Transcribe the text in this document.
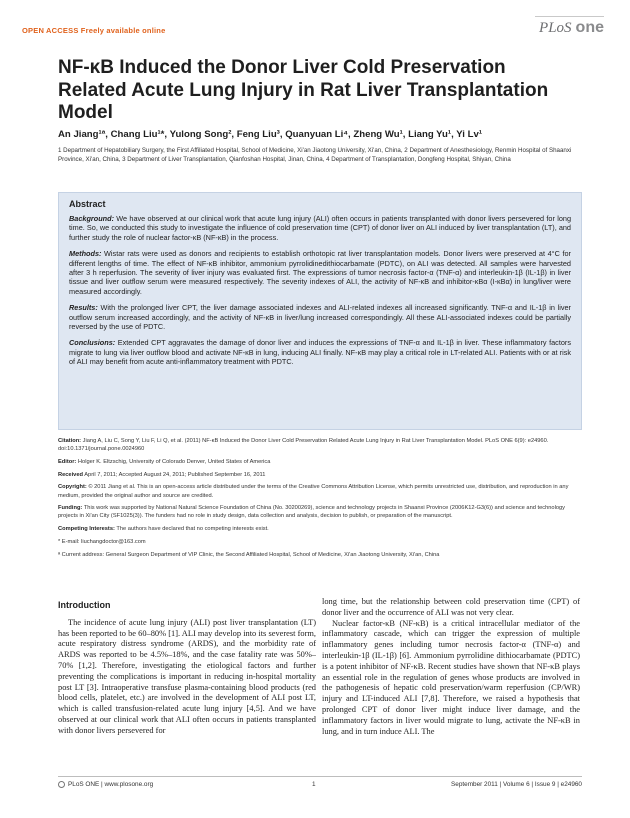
OPEN ACCESS Freely available online	PLoS one
NF-κB Induced the Donor Liver Cold Preservation Related Acute Lung Injury in Rat Liver Transplantation Model
An Jiang¹ª, Chang Liu¹*, Yulong Song², Feng Liu³, Quanyuan Li⁴, Zheng Wu¹, Liang Yu¹, Yi Lv¹
1 Department of Hepatobiliary Surgery, the First Affiliated Hospital, School of Medicine, Xi'an Jiaotong University, Xi'an, China, 2 Department of Anesthesiology, Renmin Hospital of Shaanxi Province, Xi'an, China, 3 Department of Liver Transplantation, Qianfoshan Hospital, Jinan, China, 4 Department of Transplantation, Dongfeng Hospital, Shiyan, China
Abstract

Background: We have observed at our clinical work that acute lung injury (ALI) often occurs in patients transplanted with donor livers persevered for long time. So, we conducted this study to investigate the influence of cold preservation time (CPT) of donor liver on ALI induced by liver transplantation (LT), and further study the role of nuclear factor-κB (NF-κB) in the process.

Methods: Wistar rats were used as donors and recipients to establish orthotopic rat liver transplantation models. Donor livers were preserved at 4°C for different lengths of time. The effect of NF-κB inhibitor, ammonium pyrrolidinedithiocarbamate (PDTC), on ALI was detected. All samples were harvested after 3 h reperfusion. The severity of liver injury was evaluated first. The expressions of tumor necrosis factor-α (TNF-α) and interleukin-1β (IL-1β) in liver tissue and liver outflow serum were measured respectively. The severity indexes of ALI, the activity of NF-κB and inhibitor-κBα (I-κBα) in lung/liver were measured accordingly.

Results: With the prolonged liver CPT, the liver damage associated indexes and ALI-related indexes all increased significantly. TNF-α and IL-1β in liver outflow serum increased accordingly, and the activity of NF-κB in liver/lung increased correspondingly. All these ALI-associated indexes could be partially reversed by the use of PDTC.

Conclusions: Extended CPT aggravates the damage of donor liver and induces the expressions of TNF-α and IL-1β in liver. These inflammatory factors migrate to lung via liver outflow blood and activate NF-κB in lung, inducing ALI finally. NF-κB may play a critical role in LT-related ALI. Patients with or at risk of ALI may benefit from acute anti-inflammatory treatment with PDTC.

Citation: Jiang A, Liu C, Song Y, Liu F, Li Q, et al. (2011) NF-κB Induced the Donor Liver Cold Preservation Related Acute Lung Injury in Rat Liver Transplantation Model. PLoS ONE 6(9): e24960. doi:10.1371/journal.pone.0024960

Editor: Holger K. Eltzschig, University of Colorado Denver, United States of America

Received April 7, 2011; Accepted August 24, 2011; Published September 16, 2011

Copyright: © 2011 Jiang et al. This is an open-access article distributed under the terms of the Creative Commons Attribution License, which permits unrestricted use, distribution, and reproduction in any medium, provided the original author and source are credited.

Funding: This work was supported by National Natural Science Foundation of China (No. 30200269), science and technology projects in Shaanxi Province (2006K12-G3(6)) and science and technology projects in Xi'an City (SF1025(3)). The funders had no role in study design, data collection and analysis, decision to publish, or preparation of the manuscript.

Competing Interests: The authors have declared that no competing interests exist.

* E-mail: liuchangdoctor@163.com

ª Current address: General Surgeon Department of VIP Clinic, the Second Affiliated Hospital, School of Medicine, Xi'an Jiaotong University, Xi'an, China

Introduction

The incidence of acute lung injury (ALI) post liver transplantation (LT) has been reported to be 60–80% [1]. ALI may develop into its severest form, acute respiratory distress syndrome (ARDS), and the morbidity rate of ARDS was reported to be 4.5%–18%, and the case fatality rate was 50%–70% [1,2]. Therefore, investigating the etiological factors and further preventing the complications is important in reducing in-hospital mortality post LT [3]. Intraoperative transfuse plasma-containing blood products (red blood cells, platelet, etc.) are involved in the development of ALI post LT, which is called transfusion-related acute lung injury [4,5]. And we have observed at our clinical work that ALI often occurs in patients transplanted with donor livers persevered for

long time, but the relationship between cold preservation time (CPT) of donor liver and the occurrence of ALI was not very clear.

Nuclear factor-κB (NF-κB) is a critical intracellular mediator of the inflammatory cascade, which can trigger the expression of multiple inflammatory genes including tumor necrosis factor-α (TNF-α) and interleukin-1β (IL-1β) [6]. Ammonium pyrrolidine dithiocarbamate (PDTC) is a potent inhibitor of NF-κB. Recent studies have shown that NF-κB plays an essential role in the regulation of genes whose products are involved in the pathogenesis of hepatic cold preservation/warm reperfusion (CP/WR) injury and LT-induced ALI [7,8]. Therefore, we raised a hypothesis that prolonged CPT of donor liver might induce liver damage, and the inflammatory factors in liver would migrate to lung, activate the NF-κB in lung, and in turn induce ALI. The

PLoS ONE | www.plosone.org	1	September 2011 | Volume 6 | Issue 9 | e24960
